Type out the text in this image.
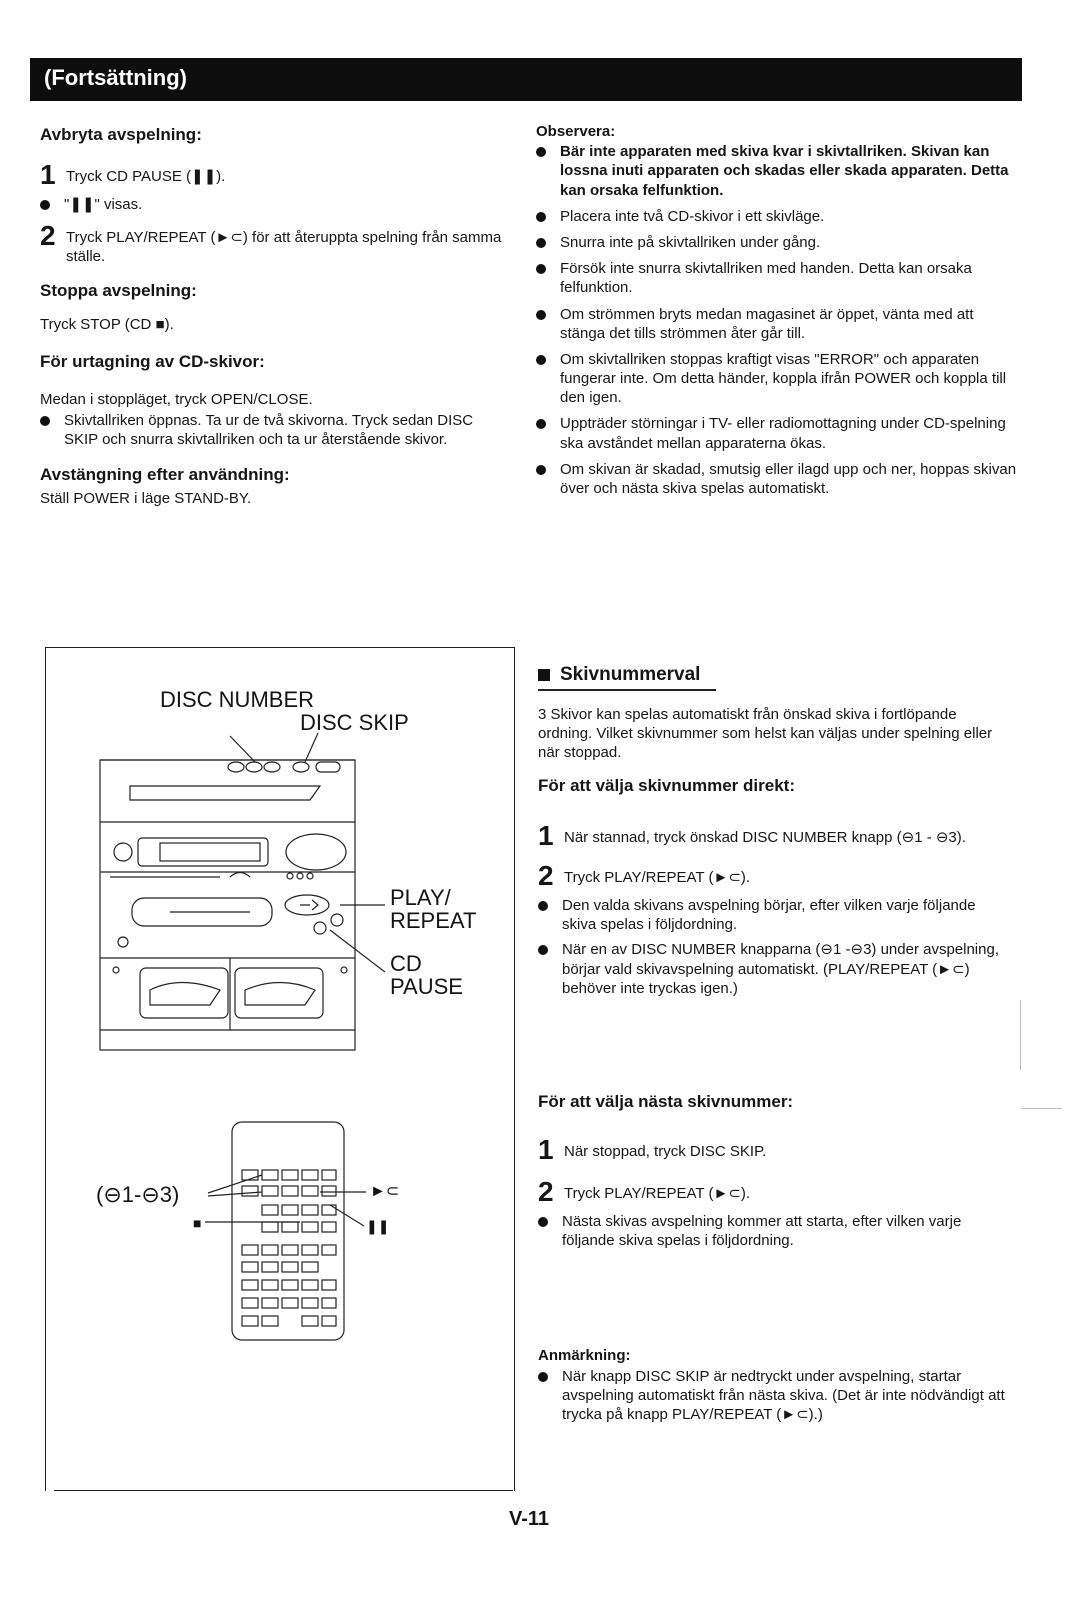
(Fortsättning)

Avbryta avspelning:

1 Tryck CD PAUSE (❚❚).

"❚❚" visas.

2 Tryck PLAY/REPEAT (►⊂) för att återuppta spelning från samma ställe.

Stoppa avspelning:

Tryck STOP (CD ■).

För urtagning av CD-skivor:

Medan i stoppläget, tryck OPEN/CLOSE.

Skivtallriken öppnas. Ta ur de två skivorna. Tryck sedan DISC SKIP och snurra skivtallriken och ta ur återstående skivor.

Avstängning efter användning:

Ställ POWER i läge STAND-BY.

Observera:

Bär inte apparaten med skiva kvar i skivtallriken. Skivan kan lossna inuti apparaten och skadas eller skada apparaten. Detta kan orsaka felfunktion.

Placera inte två CD-skivor i ett skivläge.

Snurra inte på skivtallriken under gång.

Försök inte snurra skivtallriken med handen. Detta kan orsaka felfunktion.

Om strömmen bryts medan magasinet är öppet, vänta med att stänga det tills strömmen åter går till.

Om skivtallriken stoppas kraftigt visas "ERROR" och apparaten fungerar inte. Om detta händer, koppla ifrån POWER och koppla till den igen.

Uppträder störningar i TV- eller radiomottagning under CD-spelning ska avståndet mellan apparaterna ökas.

Om skivan är skadad, smutsig eller ilagd upp och ner, hoppas skivan över och nästa skiva spelas automatiskt.

DISC NUMBER
DISC SKIP
PLAY/ REPEAT
CD PAUSE
(⊖1-⊖3)	►⊂
■	❚❚

Skivnummerval

3 Skivor kan spelas automatiskt från önskad skiva i fortlöpande ordning. Vilket skivnummer som helst kan väljas under spelning eller när stoppad.

För att välja skivnummer direkt:

1 När stannad, tryck önskad DISC NUMBER knapp (⊖1 - ⊖3).

2 Tryck PLAY/REPEAT (►⊂).

Den valda skivans avspelning börjar, efter vilken varje följande skiva spelas i följdordning.

När en av DISC NUMBER knapparna (⊖1 -⊖3) under avspelning, börjar vald skivavspelning automatiskt. (PLAY/REPEAT (►⊂) behöver inte tryckas igen.)

För att välja nästa skivnummer:

1 När stoppad, tryck DISC SKIP.

2 Tryck PLAY/REPEAT (►⊂).

Nästa skivas avspelning kommer att starta, efter vilken varje följande skiva spelas i följdordning.

Anmärkning:

När knapp DISC SKIP är nedtryckt under avspelning, startar avspelning automatiskt från nästa skiva. (Det är inte nödvändigt att trycka på knapp PLAY/REPEAT (►⊂).)

V-11
